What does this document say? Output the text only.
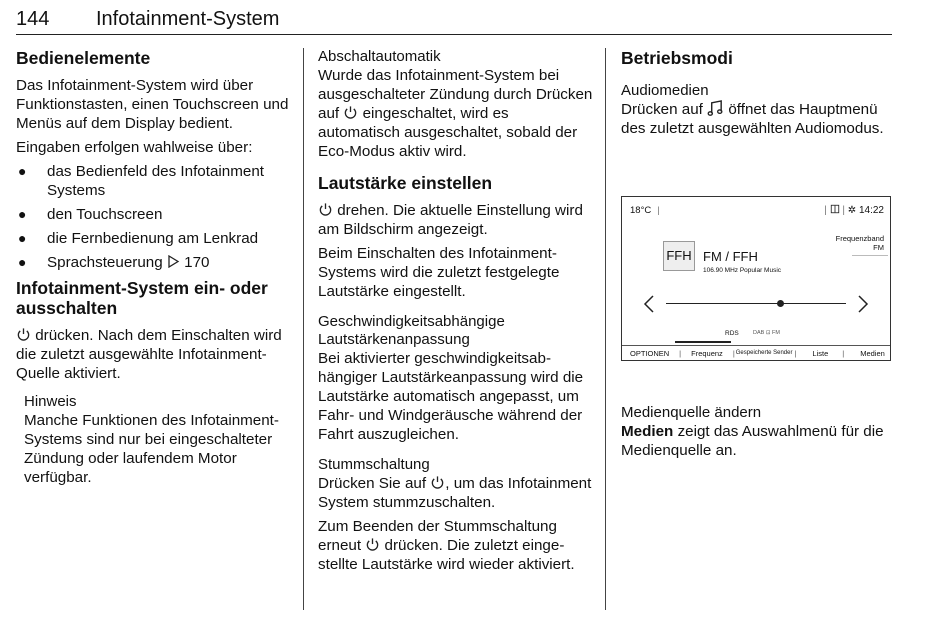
144 Infotainment-System
Bedienelemente

Das Infotainment-System wird über Funktionstasten, einen Touchscreen und Menüs auf dem Display bedient.

Eingaben erfolgen wahlweise über:

● das Bedienfeld des Infotainment Systems
● den Touchscreen
● die Fernbedienung am Lenkrad
● Sprachsteuerung 170
Infotainment-System ein- oder ausschalten

drücken. Nach dem Einschalten wird die zuletzt ausgewählte Infotainment-Quelle aktiviert.

Hinweis

Manche Funktionen des Infotainment-Systems sind nur bei eingeschalteter Zündung oder laufendem Motor verfügbar.

Abschaltautomatik

Wurde das Infotainment-System bei ausgeschalteter Zündung durch Drücken auf eingeschaltet, wird es automatisch ausgeschaltet, sobald der Eco-Modus aktiv wird.

Lautstärke einstellen

drehen. Die aktuelle Einstellung wird am Bildschirm angezeigt.

Beim Einschalten des Infotainment-Systems wird die zuletzt festgelegte Lautstärke eingestellt.

Geschwindigkeitsabhängige Lautstärkenanpassung

Bei aktivierter geschwindigkeitsabhängiger Lautstärkeanpassung wird die Lautstärke automatisch angepasst, um Fahr- und Windgeräusche während der Fahrt auszugleichen.

Stummschaltung

Drücken Sie auf , um das Infotainment System stummzuschalten.

Zum Beenden der Stummschaltung erneut drücken. Die zuletzt eingestellte Lautstärke wird wieder aktiviert.

Betriebsmodi
Audiomedien

Drücken auf öffnet das Hauptmenü des zuletzt ausgewählten Audiomodus.

18°C |	| | ✲ 14:22
Frequenzband
FM
FFH FM / FFH
106.90 MHz Popular Music
RDS	DAB ⊡ FM
OPTIONEN | Frequenz | Gespeicherte Sender | Liste | Medien
Medienquelle ändern

Medien zeigt das Auswahlmenü für die Medienquelle an.
